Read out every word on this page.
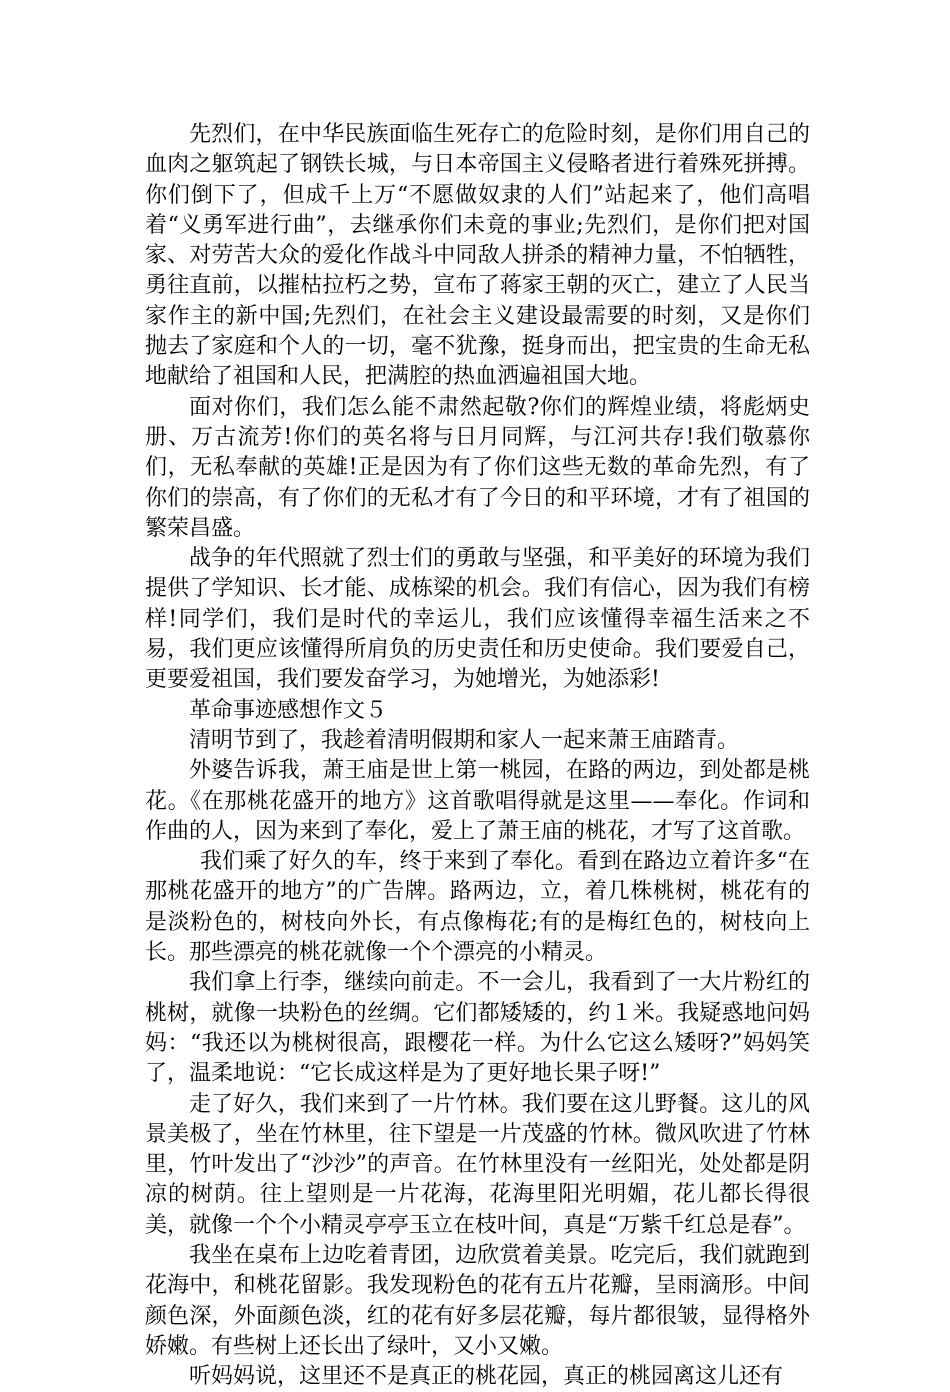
先烈们，在中华民族面临生死存亡的危险时刻，是你们用自己的血肉之躯筑起了钢铁长城，与日本帝国主义侵略者进行着殊死拼搏。你们倒下了，但成千上万“不愿做奴隶的人们”站起来了，他们高唱着“义勇军进行曲”，去继承你们未竟的事业;先烈们，是你们把对国家、对劳苦大众的爱化作战斗中同敌人拼杀的精神力量，不怕牺牲，勇往直前，以摧枯拉朽之势，宣布了蒋家王朝的灭亡，建立了人民当家作主的新中国;先烈们，在社会主义建设最需要的时刻，又是你们抛去了家庭和个人的一切，毫不犹豫，挺身而出，把宝贵的生命无私地献给了祖国和人民，把满腔的热血洒遍祖国大地。

面对你们，我们怎么能不肃然起敬?你们的辉煌业绩，将彪炳史册、万古流芳!你们的英名将与日月同辉，与江河共存!我们敬慕你们，无私奉献的英雄!正是因为有了你们这些无数的革命先烈，有了你们的崇高，有了你们的无私才有了今日的和平环境，才有了祖国的繁荣昌盛。

战争的年代照就了烈士们的勇敢与坚强，和平美好的环境为我们提供了学知识、长才能、成栋梁的机会。我们有信心，因为我们有榜样!同学们，我们是时代的幸运儿，我们应该懂得幸福生活来之不易，我们更应该懂得所肩负的历史责任和历史使命。我们要爱自己，更要爱祖国，我们要发奋学习，为她增光，为她添彩!

革命事迹感想作文５

清明节到了，我趁着清明假期和家人一起来萧王庙踏青。

外婆告诉我，萧王庙是世上第一桃园，在路的两边，到处都是桃花。《在那桃花盛开的地方》这首歌唱得就是这里——奉化。作词和作曲的人，因为来到了奉化，爱上了萧王庙的桃花，才写了这首歌。

我们乘了好久的车，终于来到了奉化。看到在路边立着许多“在那桃花盛开的地方”的广告牌。路两边，立，着几株桃树，桃花有的是淡粉色的，树枝向外长，有点像梅花;有的是梅红色的，树枝向上长。那些漂亮的桃花就像一个个漂亮的小精灵。

我们拿上行李，继续向前走。不一会儿，我看到了一大片粉红的桃树，就像一块粉色的丝绸。它们都矮矮的，约１米。我疑惑地问妈妈：“我还以为桃树很高，跟樱花一样。为什么它这么矮呀?”妈妈笑了，温柔地说：“它长成这样是为了更好地长果子呀!”

走了好久，我们来到了一片竹林。我们要在这儿野餐。这儿的风景美极了，坐在竹林里，往下望是一片茂盛的竹林。微风吹进了竹林里，竹叶发出了“沙沙”的声音。在竹林里没有一丝阳光，处处都是阴凉的树荫。往上望则是一片花海，花海里阳光明媚，花儿都长得很美，就像一个个小精灵亭亭玉立在枝叶间，真是“万紫千红总是春”。

我坐在桌布上边吃着青团，边欣赏着美景。吃完后，我们就跑到花海中，和桃花留影。我发现粉色的花有五片花瓣，呈雨滴形。中间颜色深，外面颜色淡，红的花有好多层花瓣，每片都很皱，显得格外娇嫩。有些树上还长出了绿叶，又小又嫩。

听妈妈说，这里还不是真正的桃花园，真正的桃园离这儿还有
